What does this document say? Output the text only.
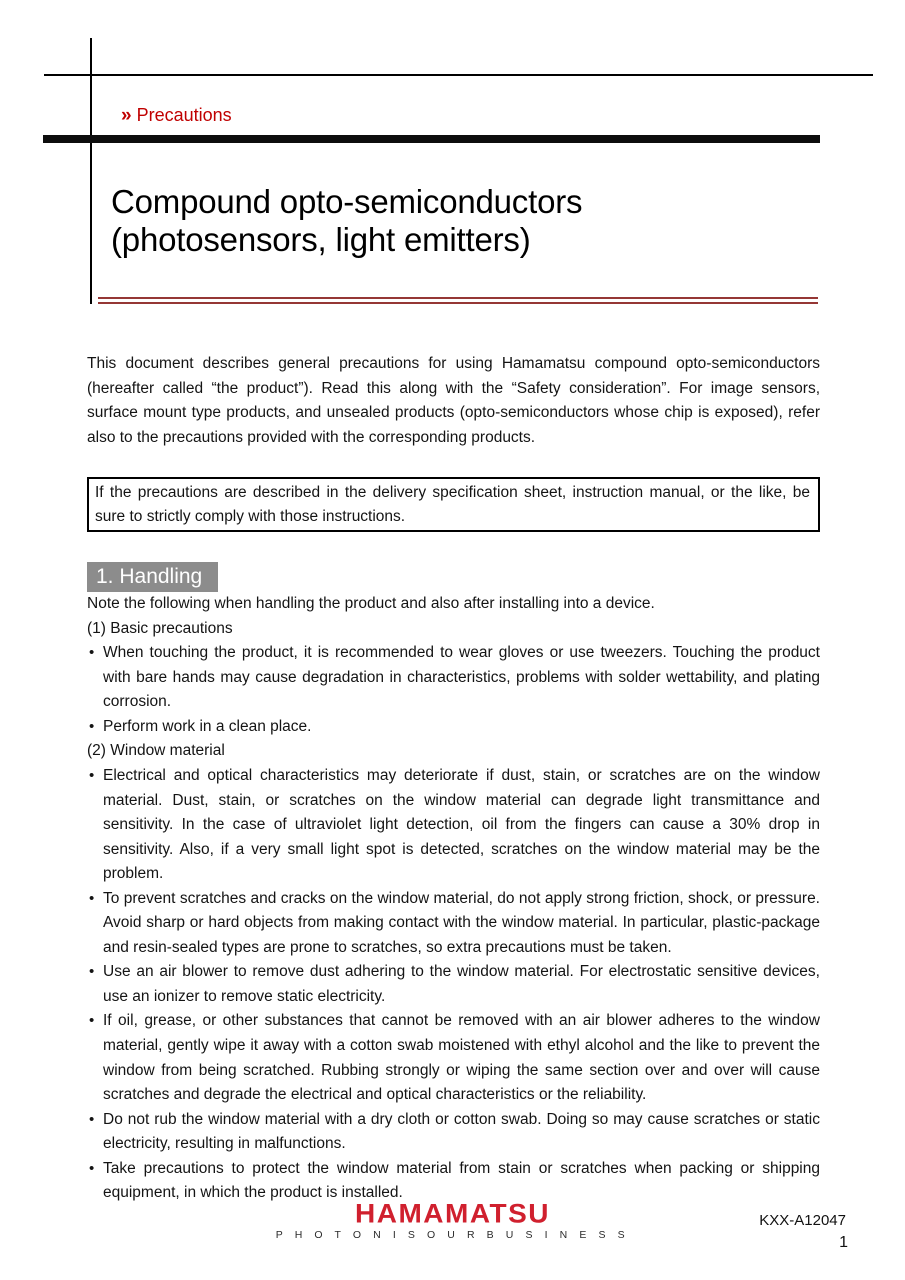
» Precautions
Compound opto-semiconductors
(photosensors, light emitters)

This document describes general precautions for using Hamamatsu compound opto-semiconductors (hereafter called “the product”). Read this along with the “Safety consideration”. For image sensors, surface mount type products, and unsealed products (opto-semiconductors whose chip is exposed), refer also to the precautions provided with the corresponding products.

If the precautions are described in the delivery specification sheet, instruction manual, or the like, be sure to strictly comply with those instructions.

1. Handling

Note the following when handling the product and also after installing into a device.

(1) Basic precautions

• When touching the product, it is recommended to wear gloves or use tweezers. Touching the product with bare hands may cause degradation in characteristics, problems with solder wettability, and plating corrosion.
• Perform work in a clean place.

(2) Window material

• Electrical and optical characteristics may deteriorate if dust, stain, or scratches are on the window material. Dust, stain, or scratches on the window material can degrade light transmittance and sensitivity. In the case of ultraviolet light detection, oil from the fingers can cause a 30% drop in sensitivity. Also, if a very small light spot is detected, scratches on the window material may be the problem.
• To prevent scratches and cracks on the window material, do not apply strong friction, shock, or pressure. Avoid sharp or hard objects from making contact with the window material. In particular, plastic-package and resin-sealed types are prone to scratches, so extra precautions must be taken.
• Use an air blower to remove dust adhering to the window material. For electrostatic sensitive devices, use an ionizer to remove static electricity.
• If oil, grease, or other substances that cannot be removed with an air blower adheres to the window material, gently wipe it away with a cotton swab moistened with ethyl alcohol and the like to prevent the window from being scratched. Rubbing strongly or wiping the same section over and over will cause scratches and degrade the electrical and optical characteristics or the reliability.
• Do not rub the window material with a dry cloth or cotton swab. Doing so may cause scratches or static electricity, resulting in malfunctions.
• Take precautions to protect the window material from stain or scratches when packing or shipping equipment, in which the product is installed.
HAMAMATSU
P H O T O N I S O U R B U S I N E S S
KXX-A12047
1
